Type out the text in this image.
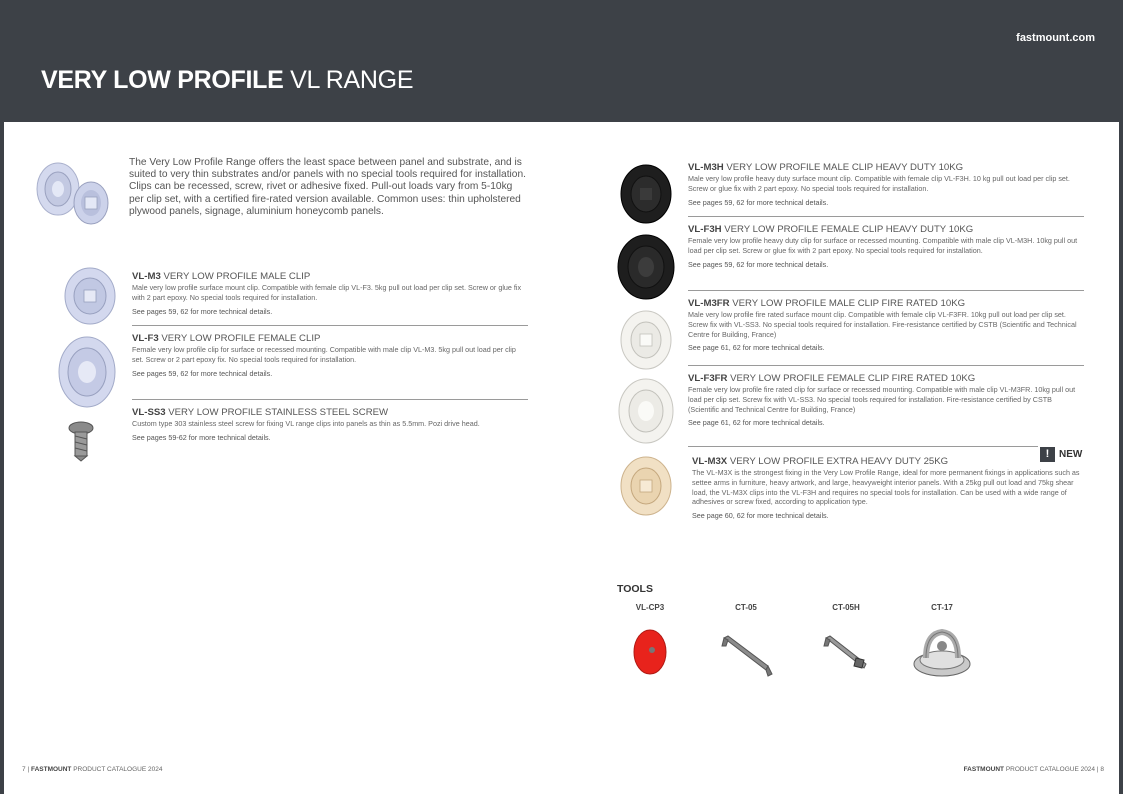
fastmount.com
VERY LOW PROFILE VL RANGE
The Very Low Profile Range offers the least space between panel and substrate, and is suited to very thin substrates and/or panels with no special tools required for installation. Clips can be recessed, screw, rivet or adhesive fixed. Pull-out loads vary from 5-10kg per clip set, with a certified fire-rated version available. Common uses: thin upholstered plywood panels, signage, aluminium honeycomb panels.
VL-M3 VERY LOW PROFILE MALE CLIP
Male very low profile surface mount clip. Compatible with female clip VL-F3. 5kg pull out load per clip set. Screw or glue fix with 2 part epoxy. No special tools required for installation.
See pages 59, 62 for more technical details.
VL-F3 VERY LOW PROFILE FEMALE CLIP
Female very low profile clip for surface or recessed mounting. Compatible with male clip VL-M3. 5kg pull out load per clip set. Screw or 2 part epoxy fix. No special tools required for installation.
See pages 59, 62 for more technical details.
VL-SS3 VERY LOW PROFILE STAINLESS STEEL SCREW
Custom type 303 stainless steel screw for fixing VL range clips into panels as thin as 5.5mm. Pozi drive head.
See pages 59-62 for more technical details.
VL-M3H VERY LOW PROFILE MALE CLIP HEAVY DUTY 10KG
Male very low profile heavy duty surface mount clip. Compatible with female clip VL-F3H. 10 kg pull out load per clip set. Screw or glue fix with 2 part epoxy. No special tools required for installation.
See pages 59, 62 for more technical details.
VL-F3H VERY LOW PROFILE FEMALE CLIP HEAVY DUTY 10KG
Female very low profile heavy duty clip for surface or recessed mounting. Compatible with male clip VL-M3H. 10kg pull out load per clip set. Screw or glue fix with 2 part epoxy. No special tools required for installation.
See pages 59, 62 for more technical details.
VL-M3FR VERY LOW PROFILE MALE CLIP FIRE RATED 10KG
Male very low profile fire rated surface mount clip. Compatible with female clip VL-F3FR. 10kg pull out load per clip set. Screw fix with VL-SS3. No special tools required for installation. Fire-resistance certified by CSTB (Scientific and Technical Centre for Building, France)
See page 61, 62 for more technical details.
VL-F3FR VERY LOW PROFILE FEMALE CLIP FIRE RATED 10KG
Female very low profile fire rated clip for surface or recessed mounting. Compatible with male clip VL-M3FR. 10kg pull out load per clip set. Screw fix with VL-SS3. No special tools required for installation. Fire-resistance certified by CSTB (Scientific and Technical Centre for Building, France)
See page 61, 62 for more technical details.
! NEW
VL-M3X VERY LOW PROFILE EXTRA HEAVY DUTY 25KG
The VL-M3X is the strongest fixing in the Very Low Profile Range, ideal for more permanent fixings in applications such as settee arms in furniture, heavy artwork, and large, heavyweight interior panels. With a 25kg pull out load and 75kg shear load, the VL-M3X clips into the VL-F3H and requires no special tools for installation. Can be used with a wide range of adhesives or screw fixed, according to application type.
See page 60, 62 for more technical details.
TOOLS
VL-CP3	CT-05	CT-05H	CT-17
7 | FASTMOUNT PRODUCT CATALOGUE 2024	FASTMOUNT PRODUCT CATALOGUE 2024 | 8
